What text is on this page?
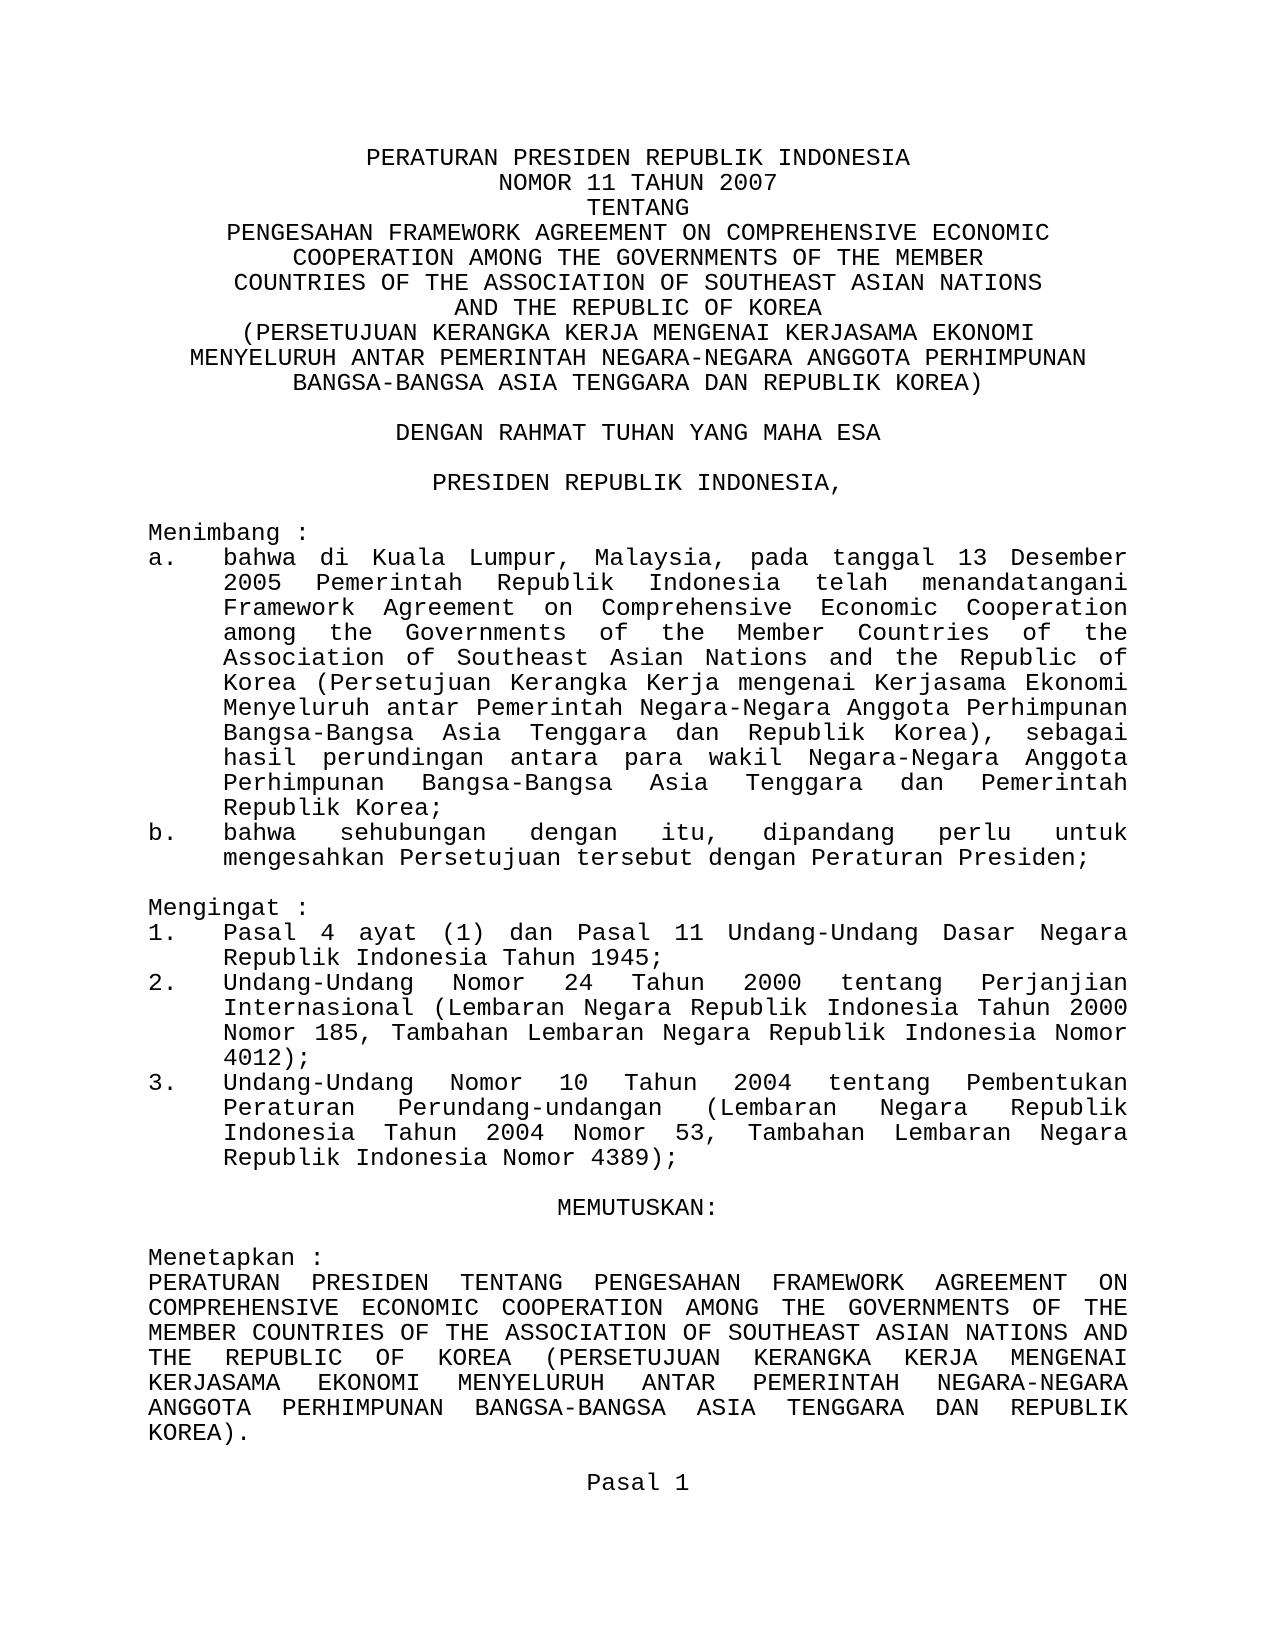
PERATURAN PRESIDEN REPUBLIK INDONESIA
NOMOR 11 TAHUN 2007
TENTANG
PENGESAHAN FRAMEWORK AGREEMENT ON COMPREHENSIVE ECONOMIC
COOPERATION AMONG THE GOVERNMENTS OF THE MEMBER
COUNTRIES OF THE ASSOCIATION OF SOUTHEAST ASIAN NATIONS
AND THE REPUBLIC OF KOREA
(PERSETUJUAN KERANGKA KERJA MENGENAI KERJASAMA EKONOMI
MENYELURUH ANTAR PEMERINTAH NEGARA-NEGARA ANGGOTA PERHIMPUNAN
BANGSA-BANGSA ASIA TENGGARA DAN REPUBLIK KOREA)
DENGAN RAHMAT TUHAN YANG MAHA ESA
PRESIDEN REPUBLIK INDONESIA,
Menimbang :
a. bahwa di Kuala Lumpur, Malaysia, pada tanggal 13 Desember
2005 Pemerintah Republik Indonesia telah menandatangani
Framework Agreement on Comprehensive Economic Cooperation
among the Governments of the Member Countries of the
Association of Southeast Asian Nations and the Republic of
Korea (Persetujuan Kerangka Kerja mengenai Kerjasama Ekonomi
Menyeluruh antar Pemerintah Negara-Negara Anggota Perhimpunan
Bangsa-Bangsa Asia Tenggara dan Republik Korea), sebagai
hasil perundingan antara para wakil Negara-Negara Anggota
Perhimpunan Bangsa-Bangsa Asia Tenggara dan Pemerintah
Republik Korea;
b. bahwa sehubungan dengan itu, dipandang perlu untuk
mengesahkan Persetujuan tersebut dengan Peraturan Presiden;
Mengingat :
1. Pasal 4 ayat (1) dan Pasal 11 Undang-Undang Dasar Negara
Republik Indonesia Tahun 1945;
2. Undang-Undang Nomor 24 Tahun 2000 tentang Perjanjian
Internasional (Lembaran Negara Republik Indonesia Tahun 2000
Nomor 185, Tambahan Lembaran Negara Republik Indonesia Nomor
4012);
3. Undang-Undang Nomor 10 Tahun 2004 tentang Pembentukan
Peraturan Perundang-undangan (Lembaran Negara Republik
Indonesia Tahun 2004 Nomor 53, Tambahan Lembaran Negara
Republik Indonesia Nomor 4389);
MEMUTUSKAN:
Menetapkan :
PERATURAN PRESIDEN TENTANG PENGESAHAN FRAMEWORK AGREEMENT ON
COMPREHENSIVE ECONOMIC COOPERATION AMONG THE GOVERNMENTS OF THE
MEMBER COUNTRIES OF THE ASSOCIATION OF SOUTHEAST ASIAN NATIONS AND
THE REPUBLIC OF KOREA (PERSETUJUAN KERANGKA KERJA MENGENAI
KERJASAMA EKONOMI MENYELURUH ANTAR PEMERINTAH NEGARA-NEGARA
ANGGOTA PERHIMPUNAN BANGSA-BANGSA ASIA TENGGARA DAN REPUBLIK
KOREA).
Pasal 1
